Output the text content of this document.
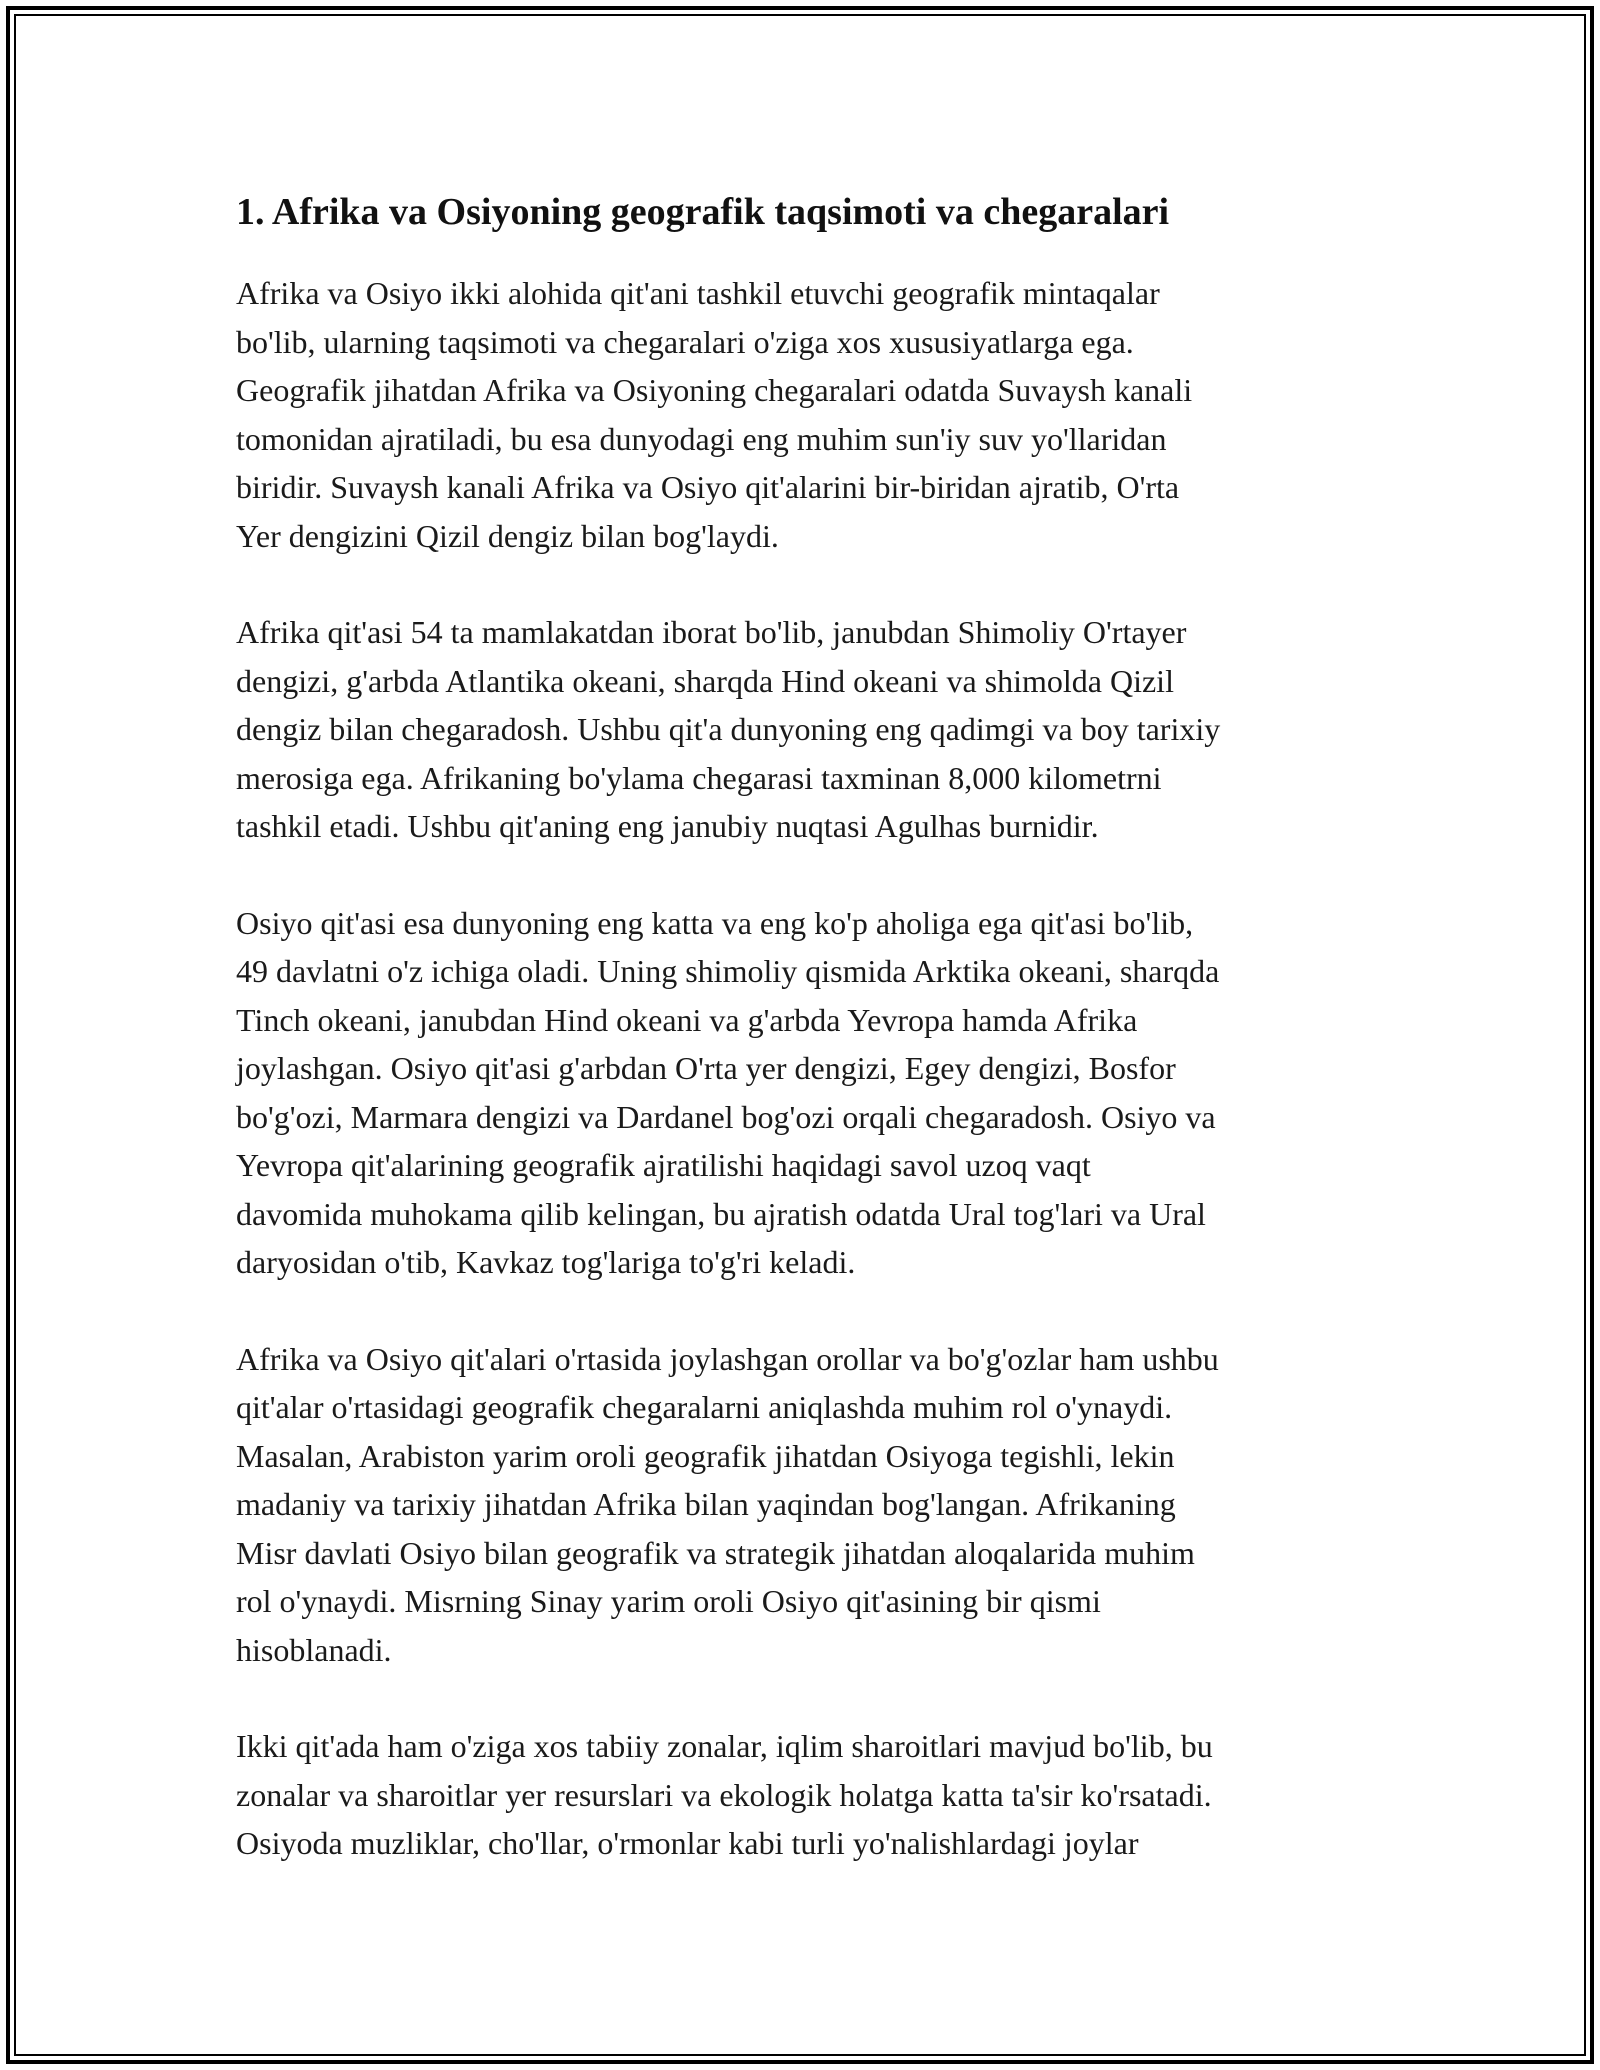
1. Afrika va Osiyoning geografik taqsimoti va chegaralari

Afrika va Osiyo ikki alohida qit'ani tashkil etuvchi geografik mintaqalar
bo'lib, ularning taqsimoti va chegaralari o'ziga xos xususiyatlarga ega.
Geografik jihatdan Afrika va Osiyoning chegaralari odatda Suvaysh kanali
tomonidan ajratiladi, bu esa dunyodagi eng muhim sun'iy suv yo'llaridan
biridir. Suvaysh kanali Afrika va Osiyo qit'alarini bir-biridan ajratib, O'rta
Yer dengizini Qizil dengiz bilan bog'laydi.

Afrika qit'asi 54 ta mamlakatdan iborat bo'lib, janubdan Shimoliy O'rtayer
dengizi, g'arbda Atlantika okeani, sharqda Hind okeani va shimolda Qizil
dengiz bilan chegaradosh. Ushbu qit'a dunyoning eng qadimgi va boy tarixiy
merosiga ega. Afrikaning bo'ylama chegarasi taxminan 8,000 kilometrni
tashkil etadi. Ushbu qit'aning eng janubiy nuqtasi Agulhas burnidir.

Osiyo qit'asi esa dunyoning eng katta va eng ko'p aholiga ega qit'asi bo'lib,
49 davlatni o'z ichiga oladi. Uning shimoliy qismida Arktika okeani, sharqda
Tinch okeani, janubdan Hind okeani va g'arbda Yevropa hamda Afrika
joylashgan. Osiyo qit'asi g'arbdan O'rta yer dengizi, Egey dengizi, Bosfor
bo'g'ozi, Marmara dengizi va Dardanel bog'ozi orqali chegaradosh. Osiyo va
Yevropa qit'alarining geografik ajratilishi haqidagi savol uzoq vaqt
davomida muhokama qilib kelingan, bu ajratish odatda Ural tog'lari va Ural
daryosidan o'tib, Kavkaz tog'lariga to'g'ri keladi.

Afrika va Osiyo qit'alari o'rtasida joylashgan orollar va bo'g'ozlar ham ushbu
qit'alar o'rtasidagi geografik chegaralarni aniqlashda muhim rol o'ynaydi.
Masalan, Arabiston yarim oroli geografik jihatdan Osiyoga tegishli, lekin
madaniy va tarixiy jihatdan Afrika bilan yaqindan bog'langan. Afrikaning
Misr davlati Osiyo bilan geografik va strategik jihatdan aloqalarida muhim
rol o'ynaydi. Misrning Sinay yarim oroli Osiyo qit'asining bir qismi
hisoblanadi.

Ikki qit'ada ham o'ziga xos tabiiy zonalar, iqlim sharoitlari mavjud bo'lib, bu
zonalar va sharoitlar yer resurslari va ekologik holatga katta ta'sir ko'rsatadi.
Osiyoda muzliklar, cho'llar, o'rmonlar kabi turli yo'nalishlardagi joylar
